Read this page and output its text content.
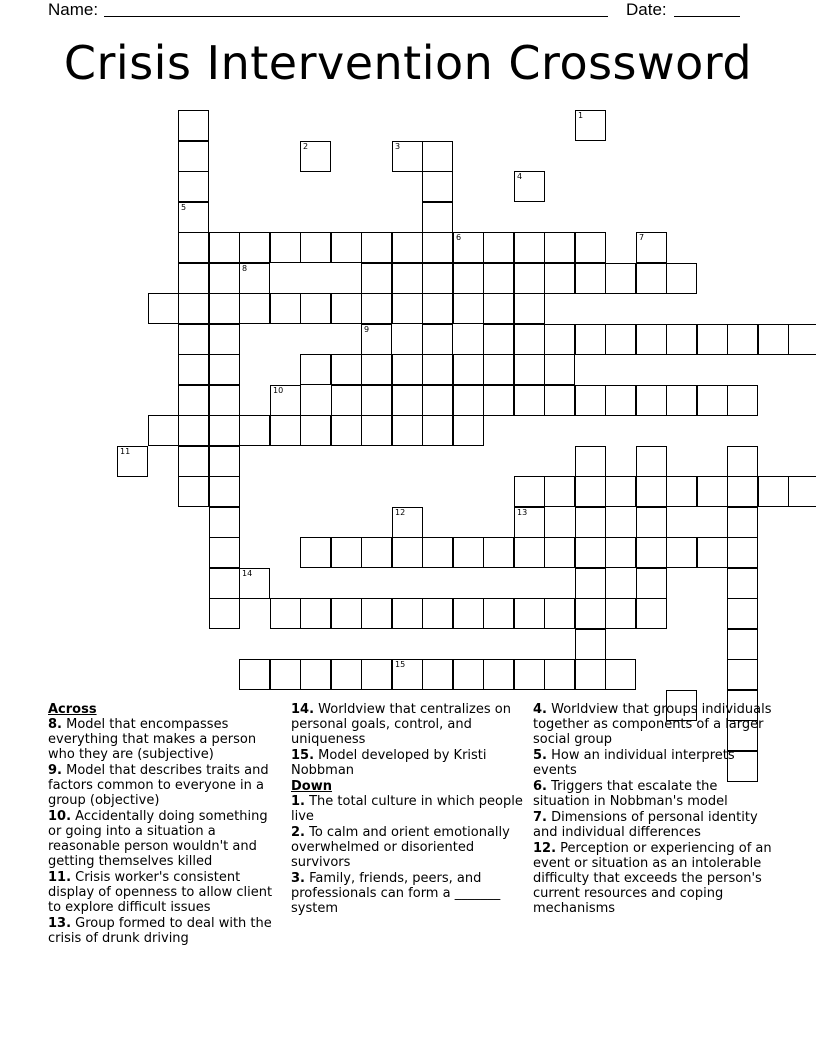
Name:	Date:
Crisis Intervention Crossword
6
5
15
1
2	3
4
7
8
9
10
11
12	13
14
Across
8. Model that encompasses everything that makes a person who they are (subjective)
9. Model that describes traits and factors common to everyone in a group (objective)
10. Accidentally doing something or going into a situation a reasonable person wouldn't and getting themselves killed
11. Crisis worker's consistent display of openness to allow client to explore difficult issues
13. Group formed to deal with the crisis of drunk driving
14. Worldview that centralizes on personal goals, control, and uniqueness
15. Model developed by Kristi Nobbman
Down
1. The total culture in which people live
2. To calm and orient emotionally overwhelmed or disoriented survivors
3. Family, friends, peers, and professionals can form a _______ system
4. Worldview that groups individuals together as components of a larger social group
5. How an individual interprets events
6. Triggers that escalate the situation in Nobbman's model
7. Dimensions of personal identity and individual differences
12. Perception or experiencing of an event or situation as an intolerable difficulty that exceeds the person's current resources and coping mechanisms
